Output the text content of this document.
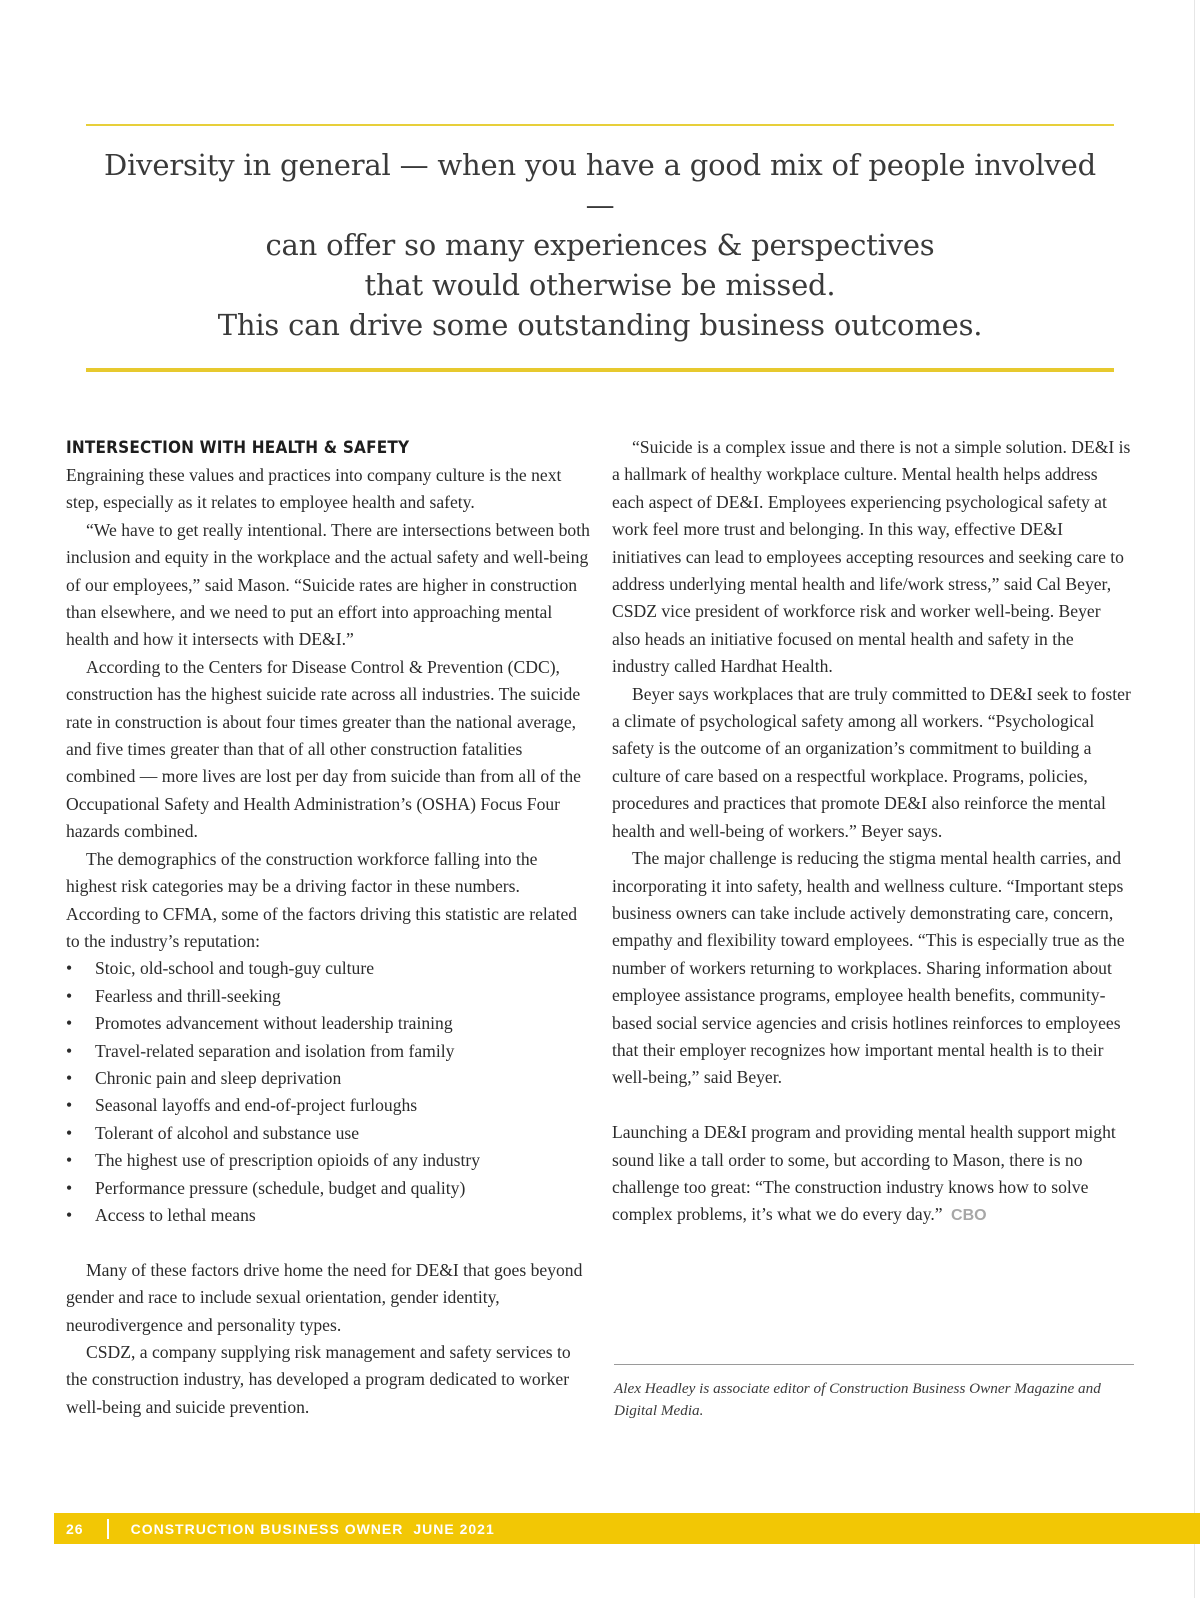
Diversity in general — when you have a good mix of people involved —
can offer so many experiences & perspectives
that would otherwise be missed.
This can drive some outstanding business outcomes.

INTERSECTION WITH HEALTH & SAFETY

Engraining these values and practices into company culture is the next step, especially as it relates to employee health and safety.

“We have to get really intentional. There are intersections between both inclusion and equity in the workplace and the actual safety and well-being of our employees,” said Mason. “Suicide rates are higher in construction than elsewhere, and we need to put an effort into approaching mental health and how it intersects with DE&I.”

According to the Centers for Disease Control & Prevention (CDC), construction has the highest suicide rate across all industries. The suicide rate in construction is about four times greater than the national average, and five times greater than that of all other construction fatalities combined — more lives are lost per day from suicide than from all of the Occupational Safety and Health Administration’s (OSHA) Focus Four hazards combined.

The demographics of the construction workforce falling into the highest risk categories may be a driving factor in these numbers. According to CFMA, some of the factors driving this statistic are related to the industry’s reputation:

• Stoic, old-school and tough-guy culture
• Fearless and thrill-seeking
• Promotes advancement without leadership training
• Travel-related separation and isolation from family
• Chronic pain and sleep deprivation
• Seasonal layoffs and end-of-project furloughs
• Tolerant of alcohol and substance use
• The highest use of prescription opioids of any industry
• Performance pressure (schedule, budget and quality)
• Access to lethal means

Many of these factors drive home the need for DE&I that goes beyond gender and race to include sexual orientation, gender identity, neurodivergence and personality types.

CSDZ, a company supplying risk management and safety services to the construction industry, has developed a program dedicated to worker well-being and suicide prevention.

“Suicide is a complex issue and there is not a simple solution. DE&I is a hallmark of healthy workplace culture. Mental health helps address each aspect of DE&I. Employees experiencing psychological safety at work feel more trust and belonging. In this way, effective DE&I initiatives can lead to employees accepting resources and seeking care to address underlying mental health and life/work stress,” said Cal Beyer, CSDZ vice president of workforce risk and worker well-being. Beyer also heads an initiative focused on mental health and safety in the industry called Hardhat Health.

Beyer says workplaces that are truly committed to DE&I seek to foster a climate of psychological safety among all workers. “Psychological safety is the outcome of an organization’s commitment to building a culture of care based on a respectful workplace. Programs, policies, procedures and practices that promote DE&I also reinforce the mental health and well-being of workers.” Beyer says.

The major challenge is reducing the stigma mental health carries, and incorporating it into safety, health and wellness culture. “Important steps business owners can take include actively demonstrating care, concern, empathy and flexibility toward employees. “This is especially true as the number of workers returning to workplaces. Sharing information about employee assistance programs, employee health benefits, community-based social service agencies and crisis hotlines reinforces to employees that their employer recognizes how important mental health is to their well-being,” said Beyer.

Launching a DE&I program and providing mental health support might sound like a tall order to some, but according to Mason, there is no challenge too great: “The construction industry knows how to solve complex problems, it’s what we do every day.” CBO

Alex Headley is associate editor of Construction Business Owner Magazine and Digital Media.

26	CONSTRUCTION BUSINESS OWNER JUNE 2021
